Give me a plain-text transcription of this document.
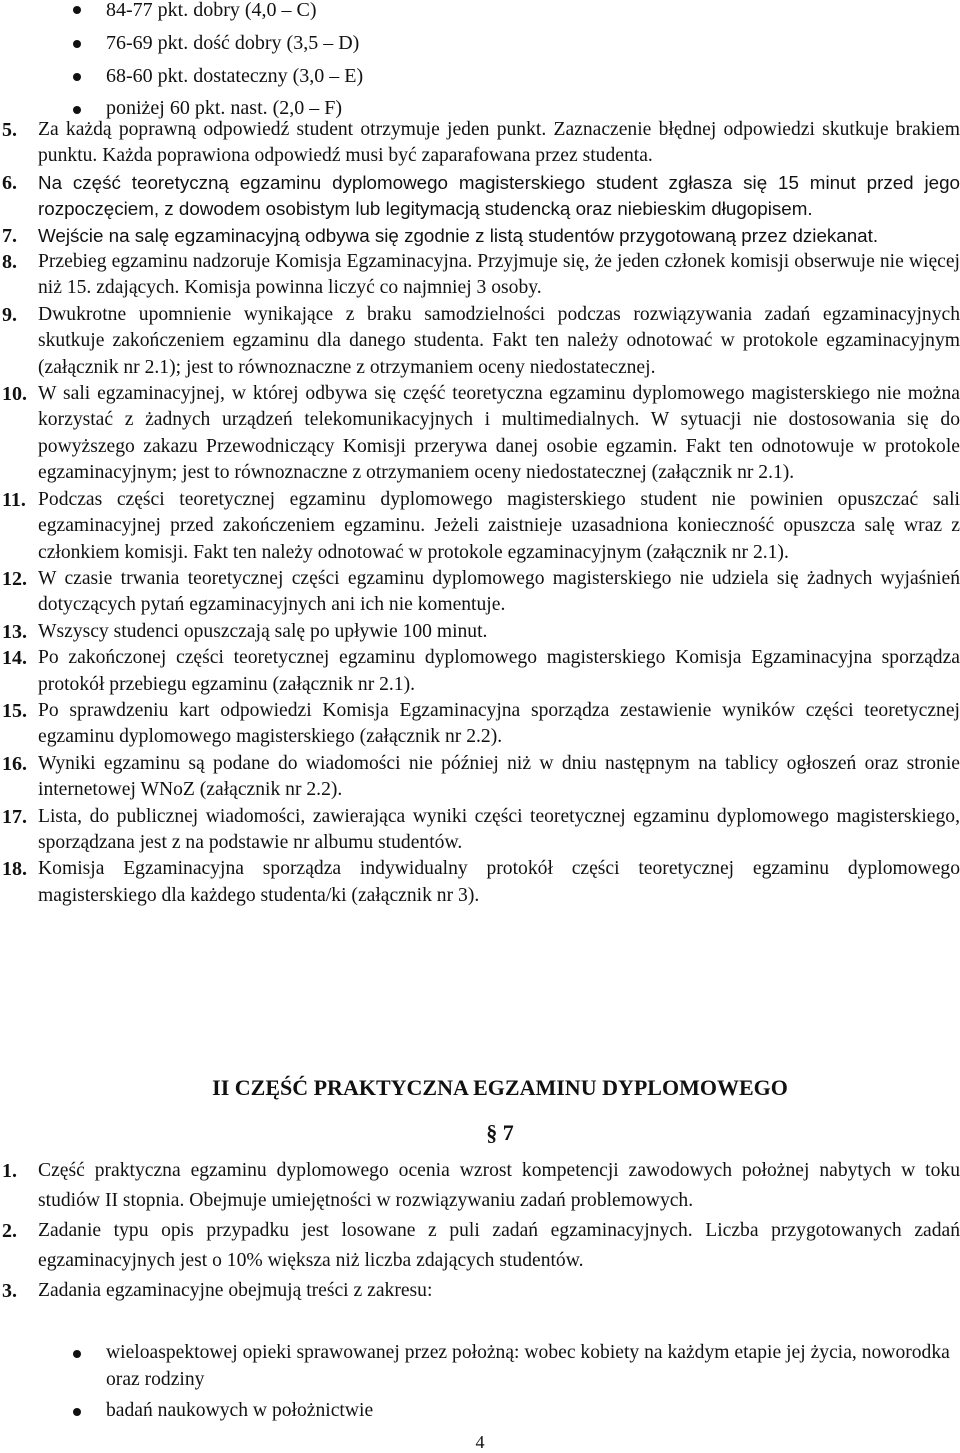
84-77 pkt. dobry (4,0 – C)
76-69 pkt. dość dobry (3,5 – D)
68-60 pkt. dostateczny (3,0 – E)
poniżej 60 pkt. nast. (2,0 – F)
5. Za każdą poprawną odpowiedź student otrzymuje jeden punkt. Zaznaczenie błędnej odpowiedzi skutkuje brakiem punktu. Każda poprawiona odpowiedź musi być zaparafowana przez studenta.
6. Na część teoretyczną egzaminu dyplomowego magisterskiego student zgłasza się 15 minut przed jego rozpoczęciem, z dowodem osobistym lub legitymacją studencką oraz niebieskim długopisem.
7. Wejście na salę egzaminacyjną odbywa się zgodnie z listą studentów przygotowaną przez dziekanat.
8. Przebieg egzaminu nadzoruje Komisja Egzaminacyjna. Przyjmuje się, że jeden członek komisji obserwuje nie więcej niż 15. zdających. Komisja powinna liczyć co najmniej 3 osoby.
9. Dwukrotne upomnienie wynikające z braku samodzielności podczas rozwiązywania zadań egzaminacyjnych skutkuje zakończeniem egzaminu dla danego studenta. Fakt ten należy odnotować w protokole egzaminacyjnym (załącznik nr 2.1); jest to równoznaczne z otrzymaniem oceny niedostatecznej.
10. W sali egzaminacyjnej, w której odbywa się część teoretyczna egzaminu dyplomowego magisterskiego nie można korzystać z żadnych urządzeń telekomunikacyjnych i multimedialnych. W sytuacji nie dostosowania się do powyższego zakazu Przewodniczący Komisji przerywa danej osobie egzamin. Fakt ten odnotowuje w protokole egzaminacyjnym; jest to równoznaczne z otrzymaniem oceny niedostatecznej (załącznik nr 2.1).
11. Podczas części teoretycznej egzaminu dyplomowego magisterskiego student nie powinien opuszczać sali egzaminacyjnej przed zakończeniem egzaminu. Jeżeli zaistnieje uzasadniona konieczność opuszcza salę wraz z członkiem komisji. Fakt ten należy odnotować w protokole egzaminacyjnym (załącznik nr 2.1).
12. W czasie trwania teoretycznej części egzaminu dyplomowego magisterskiego nie udziela się żadnych wyjaśnień dotyczących pytań egzaminacyjnych ani ich nie komentuje.
13. Wszyscy studenci opuszczają salę po upływie 100 minut.
14. Po zakończonej części teoretycznej egzaminu dyplomowego magisterskiego Komisja Egzaminacyjna sporządza protokół przebiegu egzaminu (załącznik nr 2.1).
15. Po sprawdzeniu kart odpowiedzi Komisja Egzaminacyjna sporządza zestawienie wyników części teoretycznej egzaminu dyplomowego magisterskiego (załącznik nr 2.2).
16. Wyniki egzaminu są podane do wiadomości nie później niż w dniu następnym na tablicy ogłoszeń oraz stronie internetowej WNoZ (załącznik nr 2.2).
17. Lista, do publicznej wiadomości, zawierająca wyniki części teoretycznej egzaminu dyplomowego magisterskiego, sporządzana jest z na podstawie nr albumu studentów.
18. Komisja Egzaminacyjna sporządza indywidualny protokół części teoretycznej egzaminu dyplomowego magisterskiego dla każdego studenta/ki (załącznik nr 3).
II CZĘŚĆ PRAKTYCZNA EGZAMINU DYPLOMOWEGO
§ 7
1. Część praktyczna egzaminu dyplomowego ocenia wzrost kompetencji zawodowych położnej nabytych w toku studiów II stopnia. Obejmuje umiejętności w rozwiązywaniu zadań problemowych.
2. Zadanie typu opis przypadku jest losowane z puli zadań egzaminacyjnych. Liczba przygotowanych zadań egzaminacyjnych jest o 10% większa niż liczba zdających studentów.
3. Zadania egzaminacyjne obejmują treści z zakresu:
wieloaspektowej opieki sprawowanej przez położną: wobec kobiety na każdym etapie jej życia, noworodka oraz rodziny
badań naukowych w położnictwie
4
